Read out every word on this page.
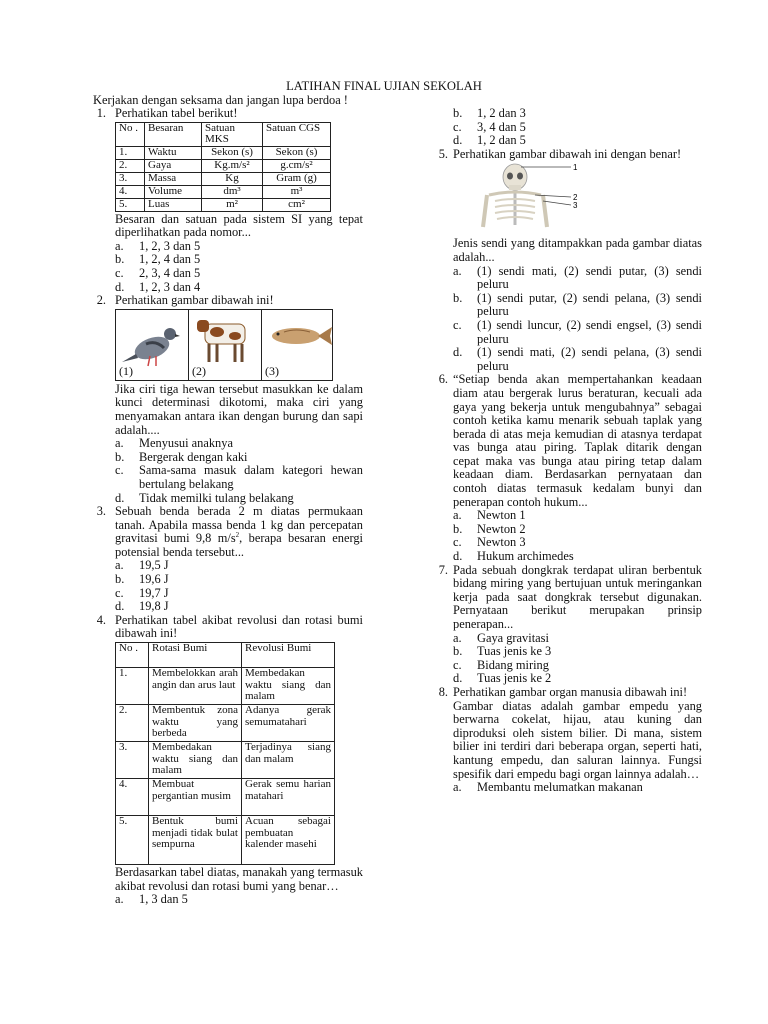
LATIHAN FINAL UJIAN SEKOLAH
Kerjakan dengan seksama dan jangan lupa berdoa !
1. Perhatikan tabel berikut!
No .	Besaran	Satuan MKS	Satuan CGS
1.	Waktu	Sekon (s)	Sekon (s)
2.	Gaya	Kg.m/s²	g.cm/s²
3.	Massa	Kg	Gram (g)
4.	Volume	dm³	m³
5.	Luas	m²	cm²
Besaran dan satuan pada sistem SI yang tepat diperlihatkan pada nomor...
a. 1, 2, 3 dan 5
b. 1, 2, 4 dan 5
c. 2, 3, 4 dan 5
d. 1, 2, 3 dan 4
2. Perhatikan gambar dibawah ini!
(1)	(2)	(3)
Jika ciri tiga hewan tersebut masukkan ke dalam kunci determinasi dikotomi, maka ciri yang menyamakan antara ikan dengan burung dan sapi adalah....
a. Menyusui anaknya
b. Bergerak dengan kaki
c. Sama-sama masuk dalam kategori hewan bertulang belakang
d. Tidak memilki tulang belakang
3. Sebuah benda berada 2 m diatas permukaan tanah. Apabila massa benda 1 kg dan percepatan gravitasi bumi 9,8 $m/s^2$, berapa besaran energi potensial benda tersebut...
a. 19,5 J
b. 19,6 J
c. 19,7 J
d. 19,8 J
4. Perhatikan tabel akibat revolusi dan rotasi bumi dibawah ini!
No .	Rotasi Bumi	Revolusi Bumi
1.	Membelokkan arah angin dan arus laut	Membedakan waktu siang dan malam
2.	Membentuk zona waktu yang berbeda	Adanya gerak semumatahari
3.	Membedakan waktu siang dan malam	Terjadinya siang dan malam
4.	Membuat pergantian musim	Gerak semu harian matahari
5.	Bentuk bumi menjadi tidak bulat sempurna	Acuan sebagai pembuatan kalender masehi
Berdasarkan tabel diatas, manakah yang termasuk akibat revolusi dan rotasi bumi yang benar…
a. 1, 3 dan 5
b. 1, 2 dan 3
c. 3, 4 dan 5
d. 1, 2 dan 5
5. Perhatikan gambar dibawah ini dengan benar!
1
2
3
Jenis sendi yang ditampakkan pada gambar diatas adalah...
a. (1) sendi mati, (2) sendi putar, (3) sendi peluru
b. (1) sendi putar, (2) sendi pelana, (3) sendi peluru
c. (1) sendi luncur, (2) sendi engsel, (3) sendi peluru
d. (1) sendi mati, (2) sendi pelana, (3) sendi peluru
6. “Setiap benda akan mempertahankan keadaan diam atau bergerak lurus beraturan, kecuali ada gaya yang bekerja untuk mengubahnya” sebagai contoh ketika kamu menarik sebuah taplak yang berada di atas meja kemudian di atasnya terdapat vas bunga atau piring. Taplak ditarik dengan cepat maka vas bunga atau piring tetap dalam keadaan diam. Berdasarkan pernyataan dan contoh diatas termasuk kedalam bunyi dan penerapan contoh hukum...
a. Newton 1
b. Newton 2
c. Newton 3
d. Hukum archimedes
7. Pada sebuah dongkrak terdapat uliran berbentuk bidang miring yang bertujuan untuk meringankan kerja pada saat dongkrak tersebut digunakan. Pernyataan berikut merupakan prinsip penerapan...
a. Gaya gravitasi
b. Tuas jenis ke 3
c. Bidang miring
d. Tuas jenis ke 2
8. Perhatikan gambar organ manusia dibawah ini!
Gambar diatas adalah gambar empedu yang berwarna cokelat, hijau, atau kuning dan diproduksi oleh sistem bilier. Di mana, sistem bilier ini terdiri dari beberapa organ, seperti hati, kantung empedu, dan saluran lainnya. Fungsi spesifik dari empedu bagi organ lainnya adalah…
a. Membantu melumatkan makanan
